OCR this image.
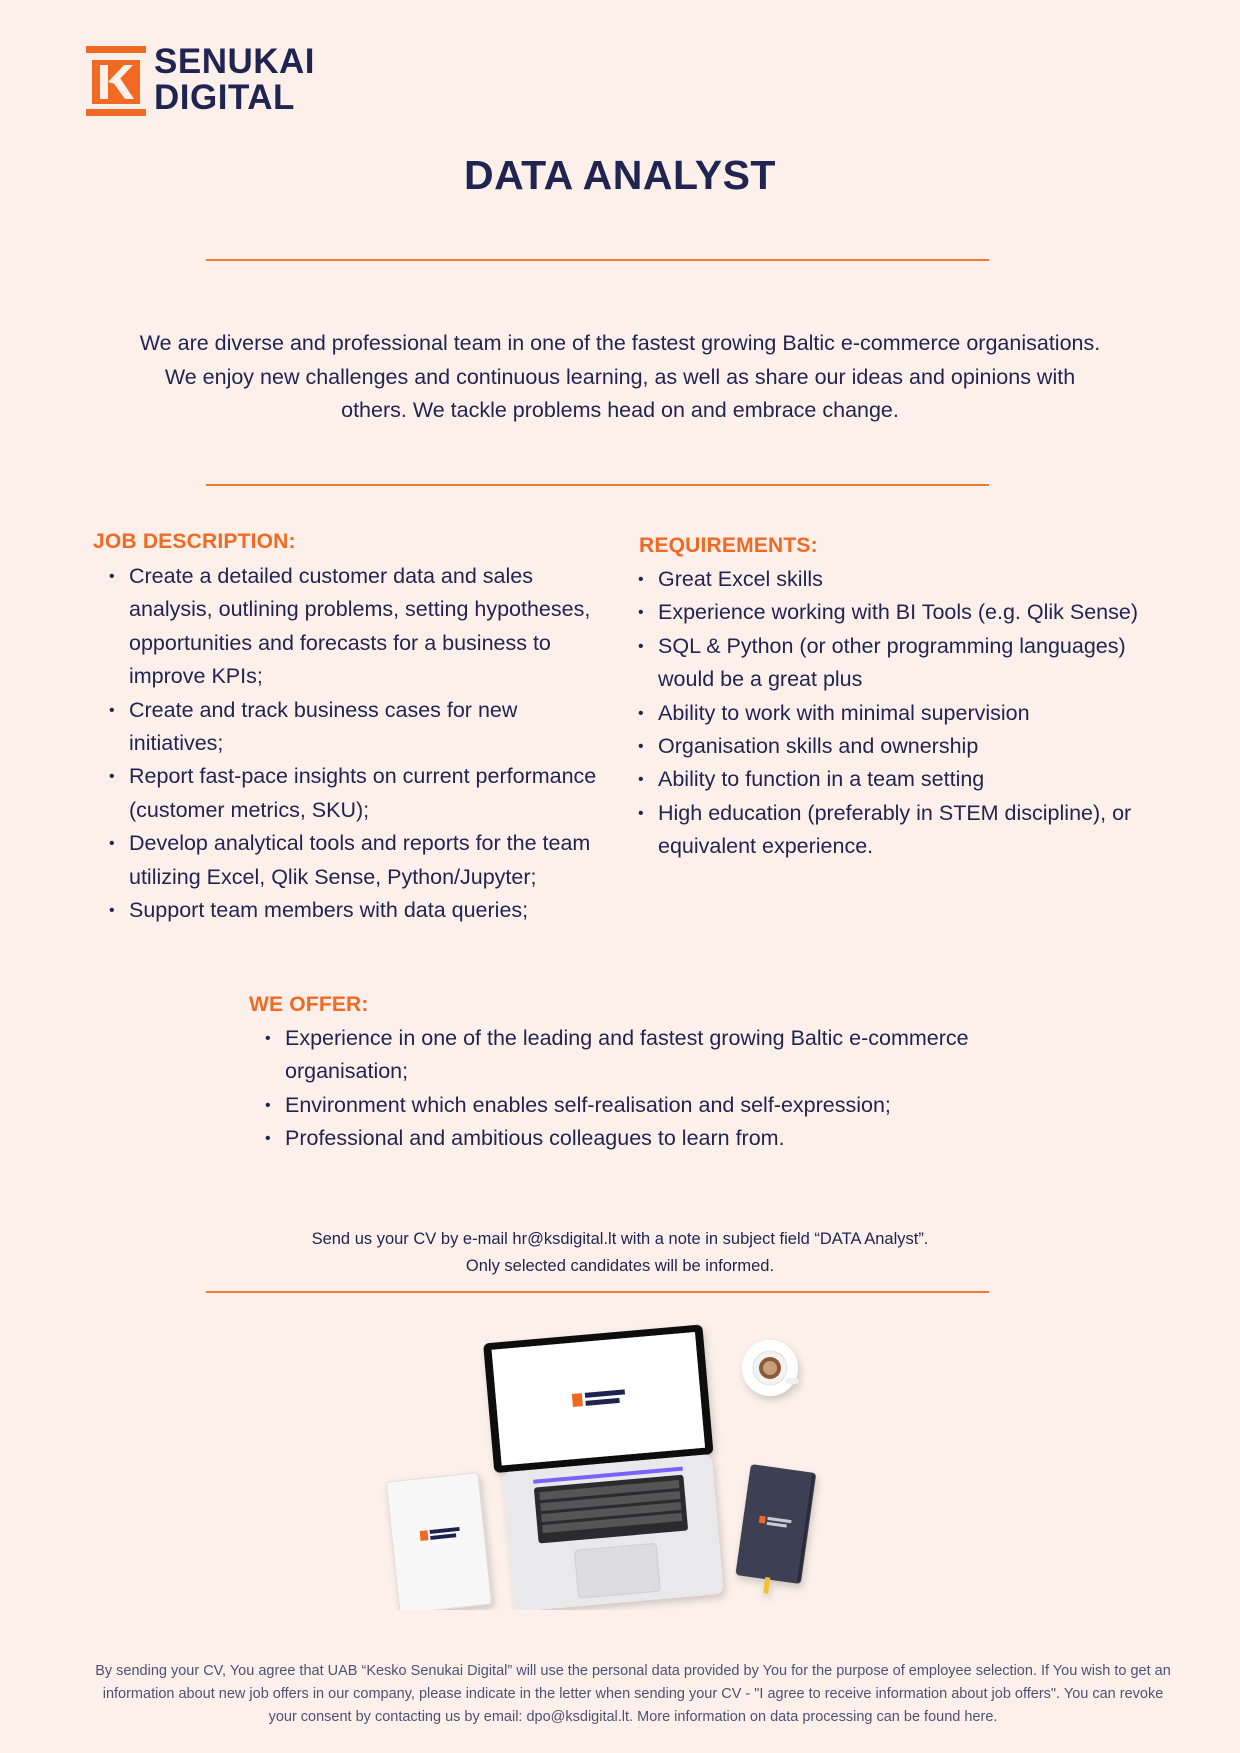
SENUKAI
DIGITAL
DATA ANALYST

We are diverse and professional team in one of the fastest growing Baltic e-commerce organisations. We enjoy new challenges and continuous learning, as well as share our ideas and opinions with others. We tackle problems head on and embrace change.

JOB DESCRIPTION:
• Create a detailed customer data and sales analysis, outlining problems, setting hypotheses, opportunities and forecasts for a business to improve KPIs;
• Create and track business cases for new initiatives;
• Report fast-pace insights on current performance (customer metrics, SKU);
• Develop analytical tools and reports for the team utilizing Excel, Qlik Sense, Python/Jupyter;
• Support team members with data queries;
REQUIREMENTS:
• Great Excel skills
• Experience working with BI Tools (e.g. Qlik Sense)
• SQL & Python (or other programming languages) would be a great plus
• Ability to work with minimal supervision
• Organisation skills and ownership
• Ability to function in a team setting
• High education (preferably in STEM discipline), or equivalent experience.
WE OFFER:
• Experience in one of the leading and fastest growing Baltic e-commerce organisation;
• Environment which enables self-realisation and self-expression;
• Professional and ambitious colleagues to learn from.
Send us your CV by e-mail hr@ksdigital.lt with a note in subject field “DATA Analyst”.
Only selected candidates will be informed.

By sending your CV, You agree that UAB “Kesko Senukai Digital” will use the personal data provided by You for the purpose of employee selection. If You wish to get an information about new job offers in our company, please indicate in the letter when sending your CV - "I agree to receive information about job offers". You can revoke your consent by contacting us by email: dpo@ksdigital.lt. More information on data processing can be found here.
